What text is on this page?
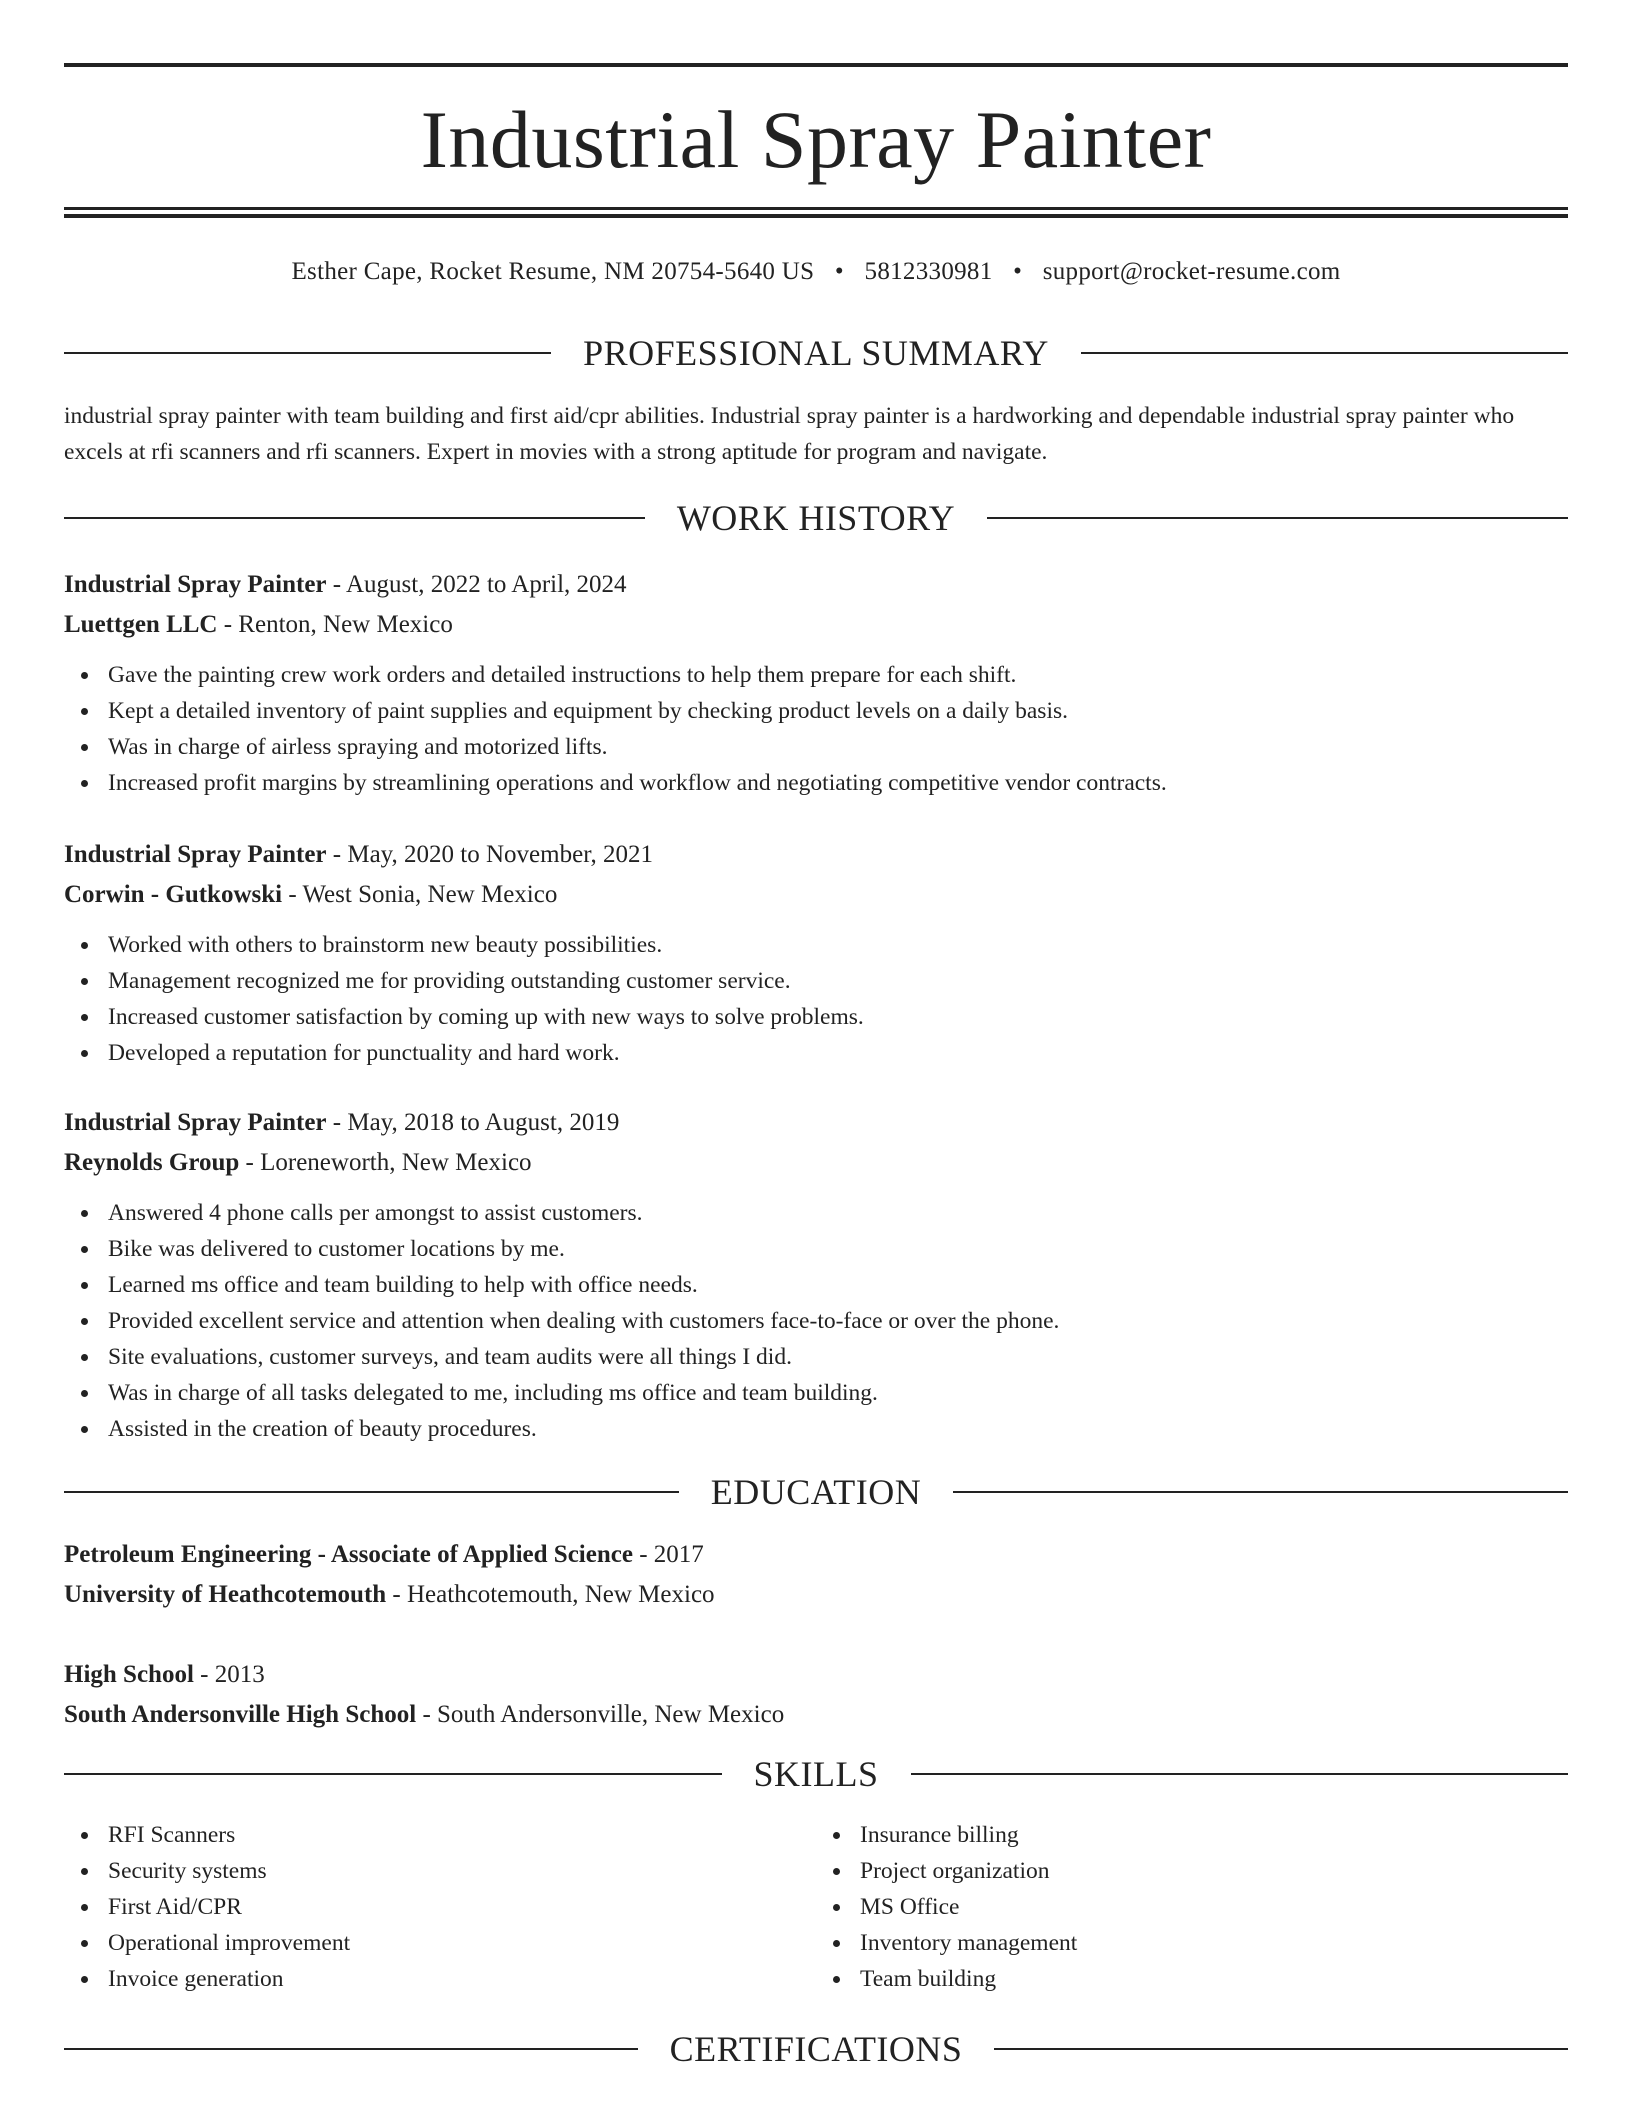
Industrial Spray Painter
Esther Cape, Rocket Resume, NM 20754-5640 US • 5812330981 • support@rocket-resume.com
PROFESSIONAL SUMMARY
industrial spray painter with team building and first aid/cpr abilities. Industrial spray painter is a hardworking and dependable industrial spray painter who excels at rfi scanners and rfi scanners. Expert in movies with a strong aptitude for program and navigate.
WORK HISTORY
Industrial Spray Painter - August, 2022 to April, 2024
Luettgen LLC - Renton, New Mexico
Gave the painting crew work orders and detailed instructions to help them prepare for each shift.
Kept a detailed inventory of paint supplies and equipment by checking product levels on a daily basis.
Was in charge of airless spraying and motorized lifts.
Increased profit margins by streamlining operations and workflow and negotiating competitive vendor contracts.
Industrial Spray Painter - May, 2020 to November, 2021
Corwin - Gutkowski - West Sonia, New Mexico
Worked with others to brainstorm new beauty possibilities.
Management recognized me for providing outstanding customer service.
Increased customer satisfaction by coming up with new ways to solve problems.
Developed a reputation for punctuality and hard work.
Industrial Spray Painter - May, 2018 to August, 2019
Reynolds Group - Loreneworth, New Mexico
Answered 4 phone calls per amongst to assist customers.
Bike was delivered to customer locations by me.
Learned ms office and team building to help with office needs.
Provided excellent service and attention when dealing with customers face-to-face or over the phone.
Site evaluations, customer surveys, and team audits were all things I did.
Was in charge of all tasks delegated to me, including ms office and team building.
Assisted in the creation of beauty procedures.
EDUCATION
Petroleum Engineering - Associate of Applied Science - 2017
University of Heathcotemouth - Heathcotemouth, New Mexico
High School - 2013
South Andersonville High School - South Andersonville, New Mexico
SKILLS
RFI Scanners
Security systems
First Aid/CPR
Operational improvement
Invoice generation
Insurance billing
Project organization
MS Office
Inventory management
Team building
CERTIFICATIONS
